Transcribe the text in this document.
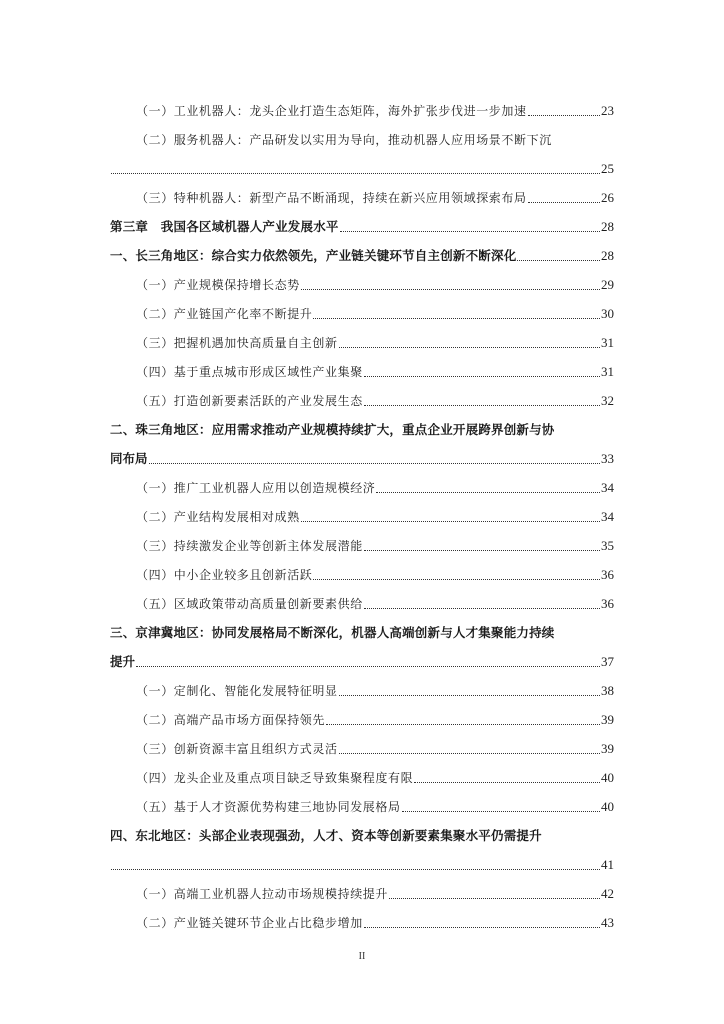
（一）工业机器人：龙头企业打造生态矩阵，海外扩张步伐进一步加速	23
（二）服务机器人：产品研发以实用为导向，推动机器人应用场景不断下沉
25
（三）特种机器人：新型产品不断涌现，持续在新兴应用领域探索布局	26
第三章　我国各区域机器人产业发展水平	28
一、长三角地区：综合实力依然领先，产业链关键环节自主创新不断深化	28
（一）产业规模保持增长态势	29
（二）产业链国产化率不断提升	30
（三）把握机遇加快高质量自主创新	31
（四）基于重点城市形成区域性产业集聚	31
（五）打造创新要素活跃的产业发展生态	32
二、珠三角地区：应用需求推动产业规模持续扩大，重点企业开展跨界创新与协
同布局	33
（一）推广工业机器人应用以创造规模经济	34
（二）产业结构发展相对成熟	34
（三）持续激发企业等创新主体发展潜能	35
（四）中小企业较多且创新活跃	36
（五）区域政策带动高质量创新要素供给	36
三、京津冀地区：协同发展格局不断深化，机器人高端创新与人才集聚能力持续
提升	37
（一）定制化、智能化发展特征明显	38
（二）高端产品市场方面保持领先	39
（三）创新资源丰富且组织方式灵活	39
（四）龙头企业及重点项目缺乏导致集聚程度有限	40
（五）基于人才资源优势构建三地协同发展格局	40
四、东北地区：头部企业表现强劲，人才、资本等创新要素集聚水平仍需提升
41
（一）高端工业机器人拉动市场规模持续提升	42
（二）产业链关键环节企业占比稳步增加	43
II
